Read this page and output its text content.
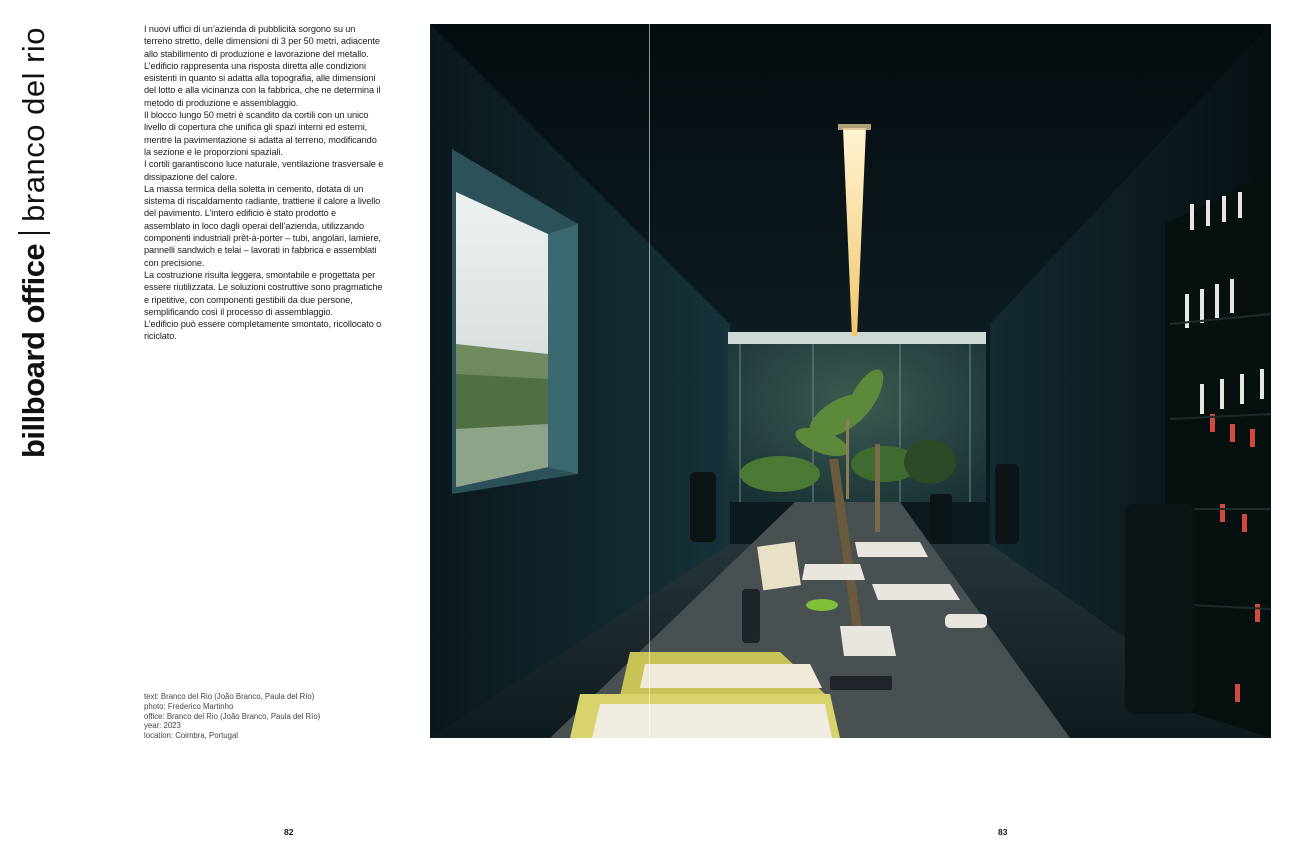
billboard office
branco del rio	I nuovi uffici di un’azienda di pubblicità sorgono su un terreno stretto, delle dimensioni di 3 per 50 metri, adiacente allo stabilimento di produzione e lavorazione del metallo.

L’edificio rappresenta una risposta diretta alle condizioni esistenti in quanto si adatta alla topografia, alle dimensioni del lotto e alla vicinanza con la fabbrica, che ne determina il metodo di produzione e assemblaggio.

Il blocco lungo 50 metri è scandito da cortili con un unico livello di copertura che unifica gli spazi interni ed esterni, mentre la pavimentazione si adatta al terreno, modificando la sezione e le proporzioni spaziali.

I cortili garantiscono luce naturale, ventilazione trasversale e dissipazione del calore.

La massa termica della soletta in cemento, dotata di un sistema di riscaldamento radiante, trattiene il calore a livello del pavimento. L’intero edificio è stato prodotto e assemblato in loco dagli operai dell’azienda, utilizzando componenti industriali prêt-à-porter – tubi, angolari, lamiere, pannelli sandwich e telai – lavorati in fabbrica e assemblati con precisione.

La costruzione risulta leggera, smontabile e progettata per essere riutilizzata. Le soluzioni costruttive sono pragmatiche e ripetitive, con componenti gestibili da due persone, semplificando così il processo di assemblaggio.

L’edificio può essere completamente smontato, ricollocato o riciclato.

text: Branco del Rio (João Branco, Paula del Río)
photo: Frederico Martinho
office: Branco del Rio (João Branco, Paula del Río)
year: 2023
location: Coimbra, Portugal
82	83
